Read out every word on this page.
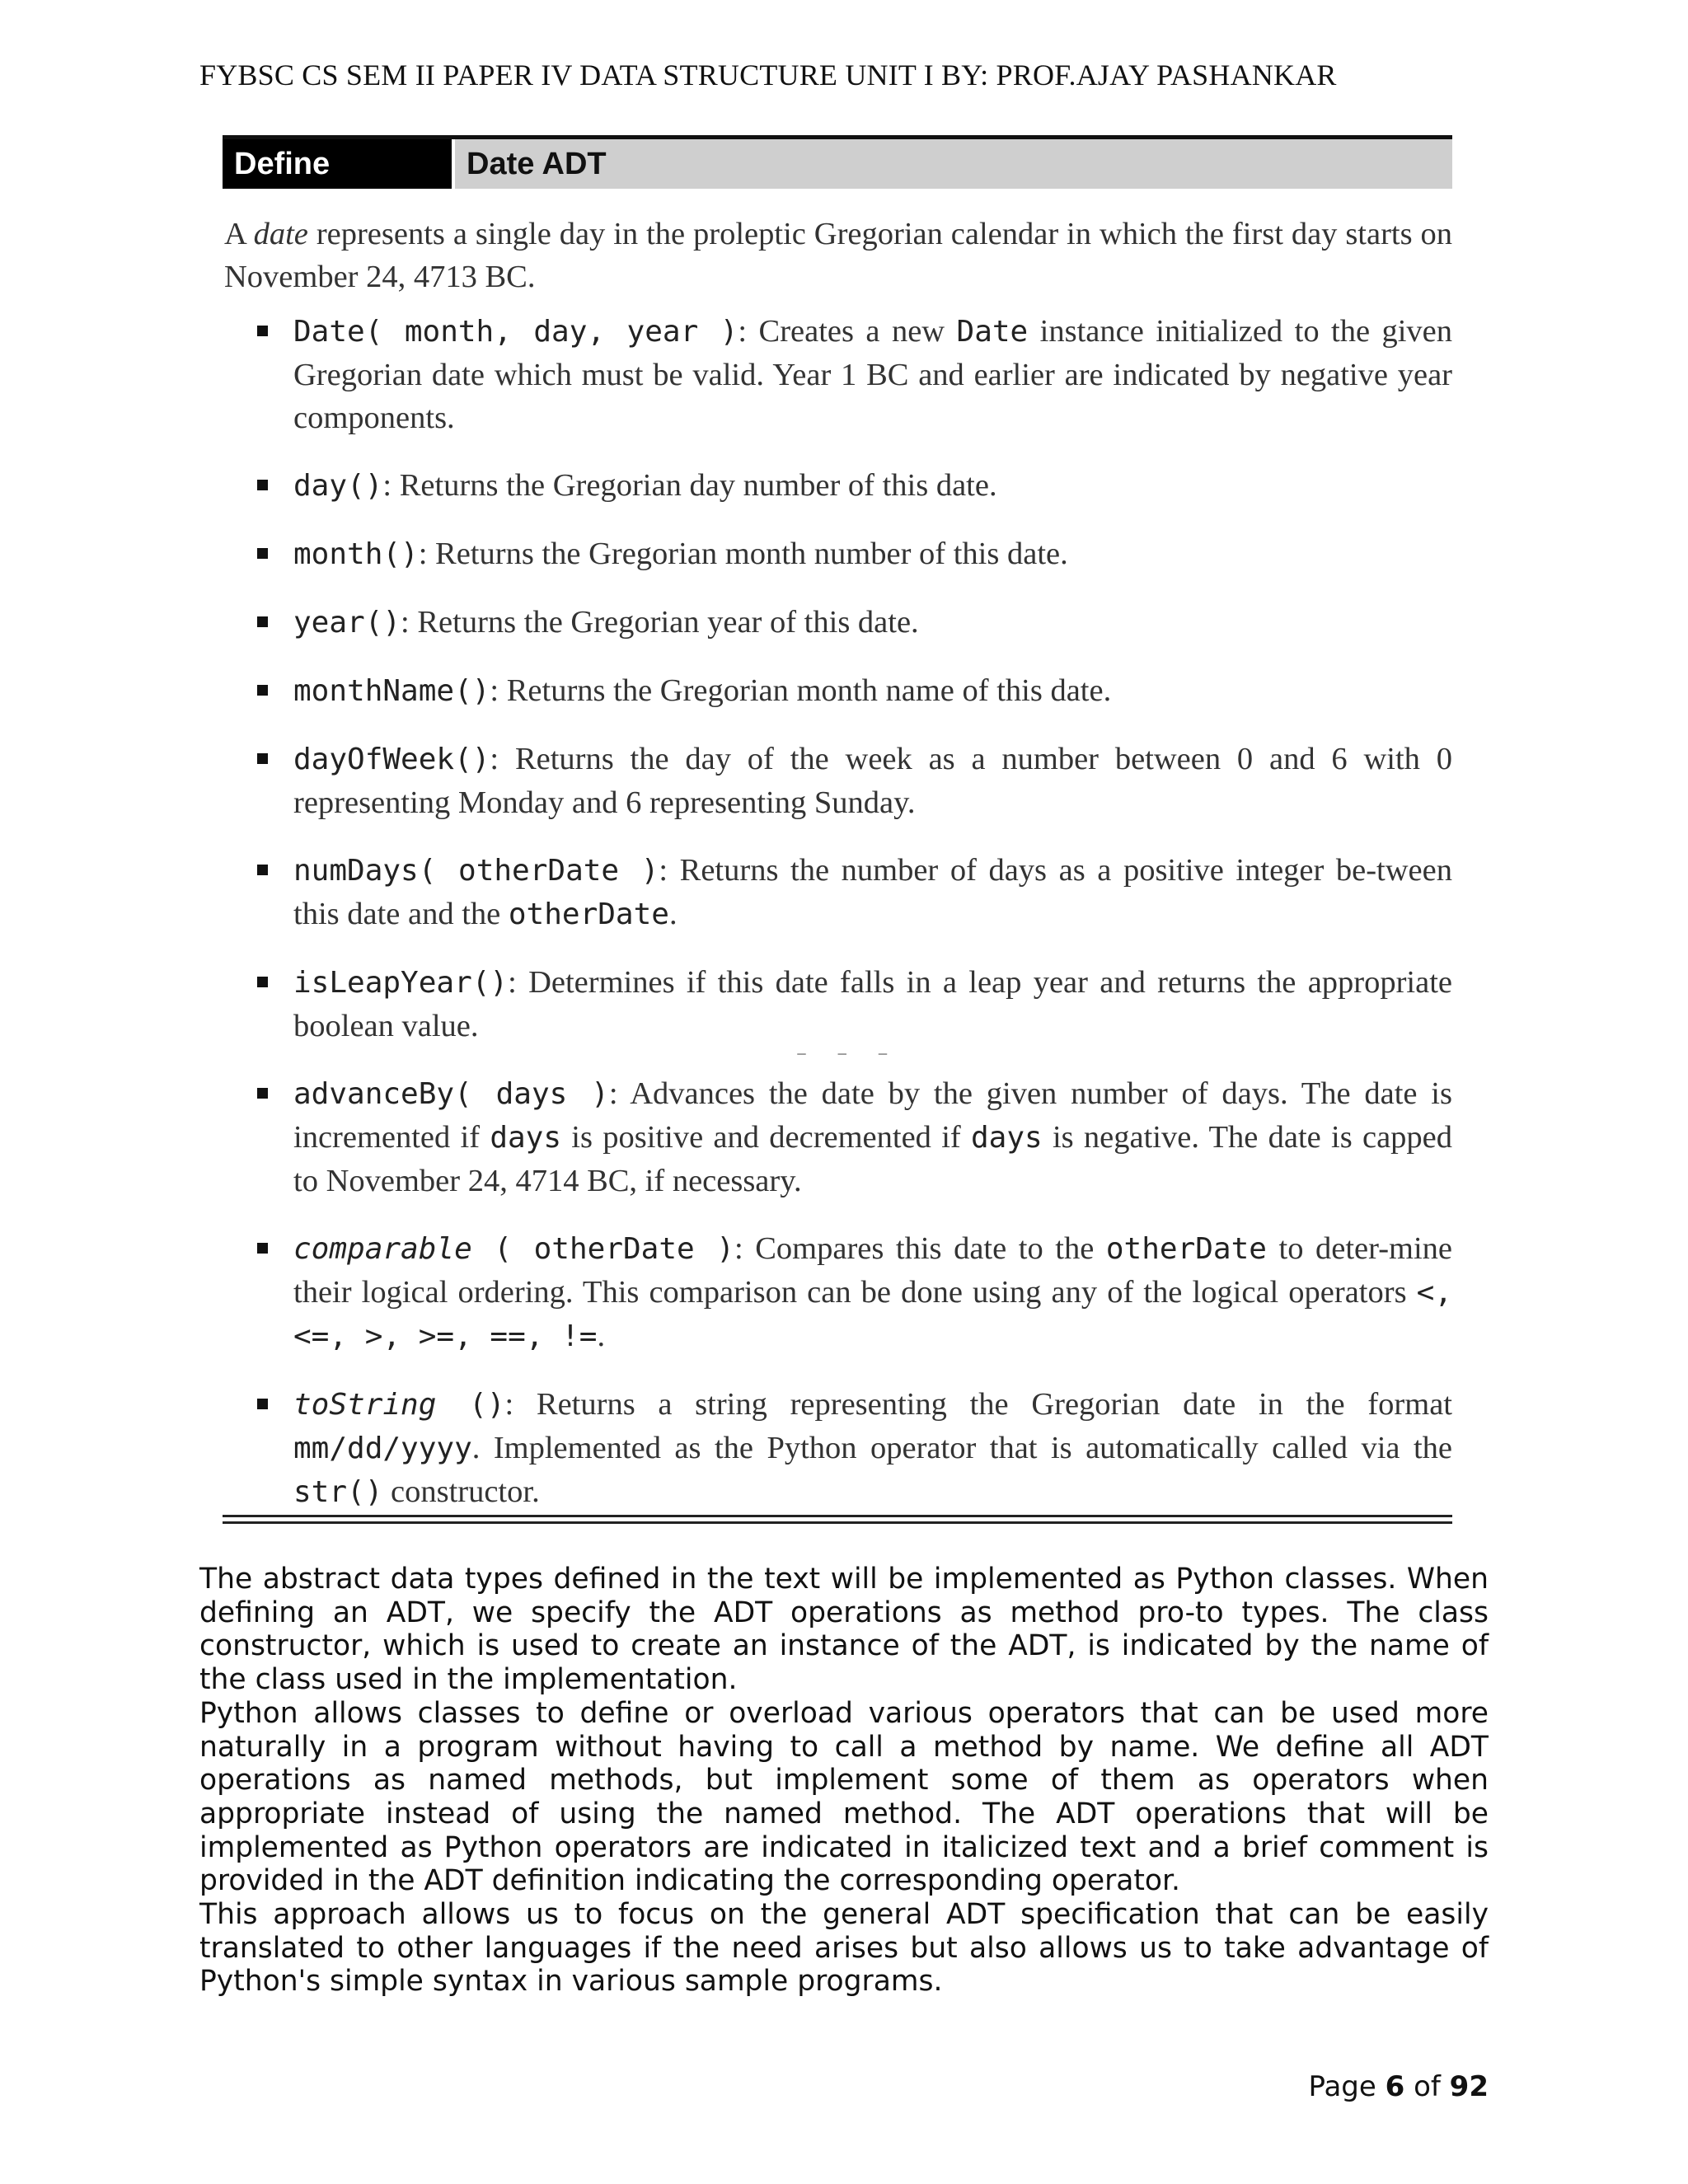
FYBSC CS SEM II PAPER IV DATA STRUCTURE UNIT I BY: PROF.AJAY PASHANKAR
Define	Date ADT
A date represents a single day in the proleptic Gregorian calendar in which the first day starts on November 24, 4713 BC.
Date( month, day, year ): Creates a new Date instance initialized to the given Gregorian date which must be valid. Year 1 BC and earlier are indicated by negative year components.
day(): Returns the Gregorian day number of this date.
month(): Returns the Gregorian month number of this date.
year(): Returns the Gregorian year of this date.
monthName(): Returns the Gregorian month name of this date.
dayOfWeek(): Returns the day of the week as a number between 0 and 6 with 0 representing Monday and 6 representing Sunday.
numDays( otherDate ): Returns the number of days as a positive integer be-tween this date and the otherDate.
isLeapYear(): Determines if this date falls in a leap year and returns the appropriate boolean value.
advanceBy( days ): Advances the date by the given number of days. The date is incremented if days is positive and decremented if days is negative. The date is capped to November 24, 4714 BC, if necessary.
comparable ( otherDate ): Compares this date to the otherDate to deter-mine their logical ordering. This comparison can be done using any of the logical operators <, <=, >, >=, ==, !=.
toString (): Returns a string representing the Gregorian date in the format mm/dd/yyyy. Implemented as the Python operator that is automatically called via the str() constructor.
– – –

The abstract data types defined in the text will be implemented as Python classes. When defining an ADT, we specify the ADT operations as method pro-to types. The class constructor, which is used to create an instance of the ADT, is indicated by the name of the class used in the implementation.

Python allows classes to define or overload various operators that can be used more naturally in a program without having to call a method by name. We define all ADT operations as named methods, but implement some of them as operators when appropriate instead of using the named method. The ADT operations that will be implemented as Python operators are indicated in italicized text and a brief comment is provided in the ADT definition indicating the corresponding operator.

This approach allows us to focus on the general ADT specification that can be easily translated to other languages if the need arises but also allows us to take advantage of Python's simple syntax in various sample programs.

Page 6 of 92
